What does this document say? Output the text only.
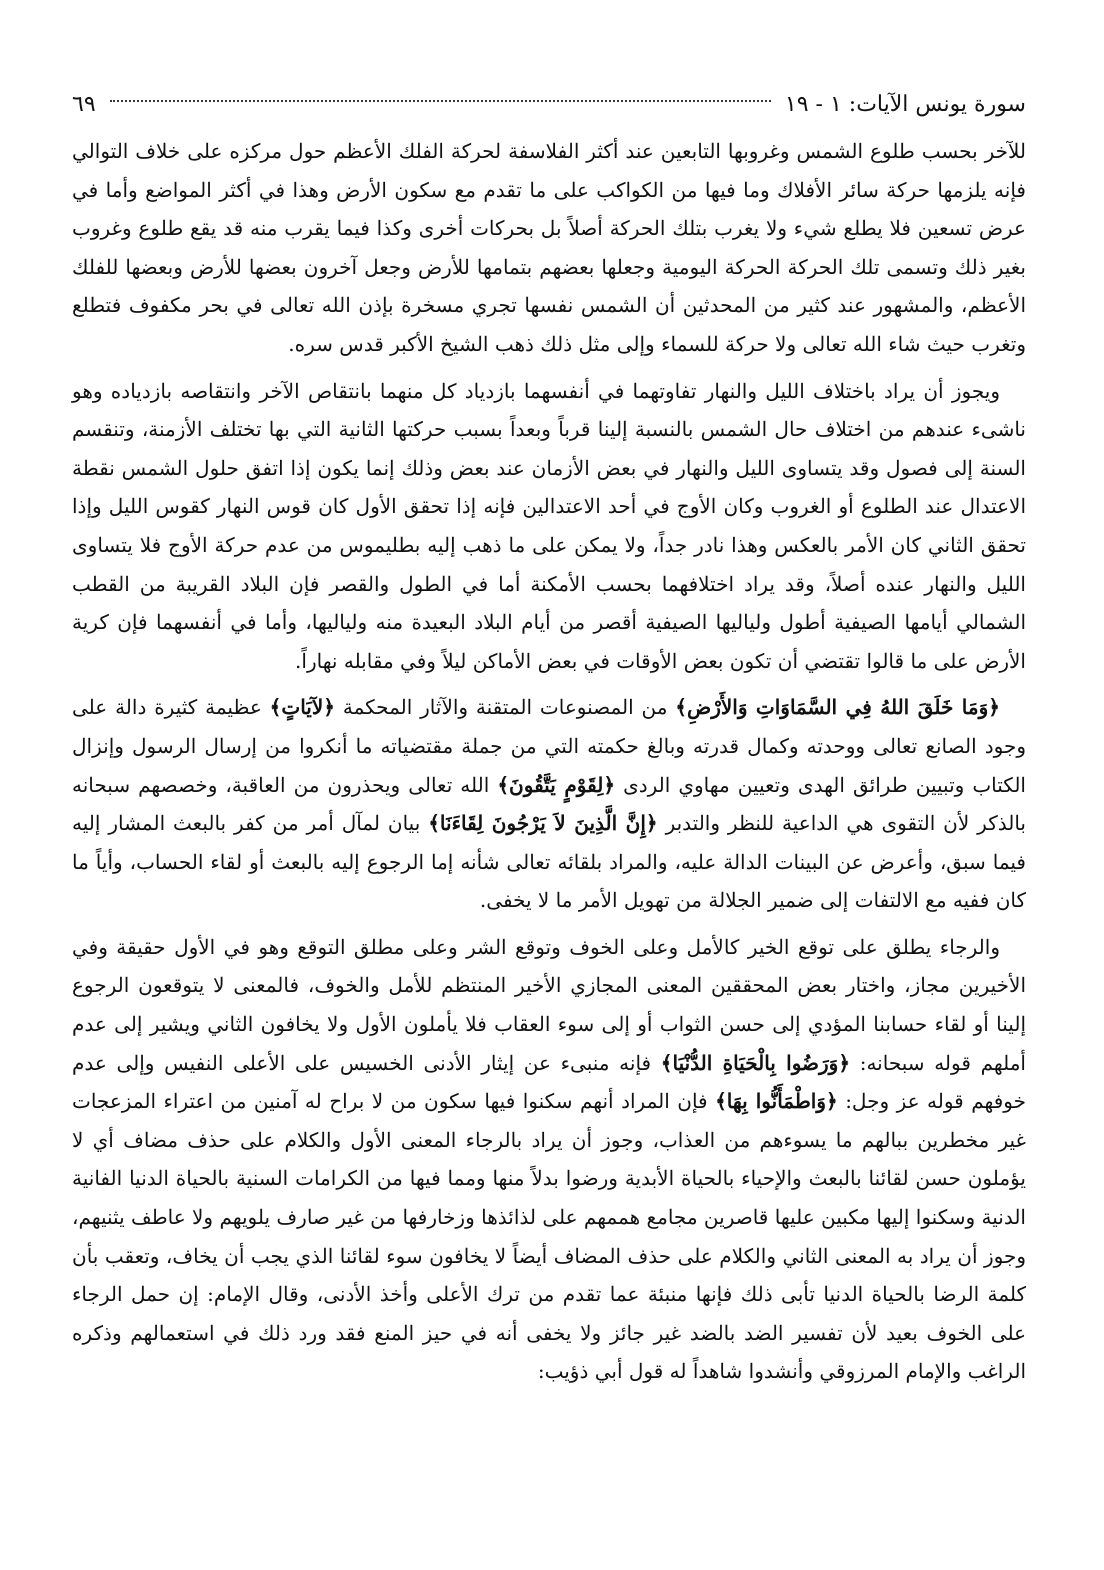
سورة يونس الآيات: ١ - ١٩
٦٩

للآخر بحسب طلوع الشمس وغروبها التابعين عند أكثر الفلاسفة لحركة الفلك الأعظم حول مركزه على خلاف التوالي فإنه يلزمها حركة سائر الأفلاك وما فيها من الكواكب على ما تقدم مع سكون الأرض وهذا في أكثر المواضع وأما في عرض تسعين فلا يطلع شيء ولا يغرب بتلك الحركة أصلاً بل بحركات أخرى وكذا فيما يقرب منه قد يقع طلوع وغروب بغير ذلك وتسمى تلك الحركة الحركة اليومية وجعلها بعضهم بتمامها للأرض وجعل آخرون بعضها للأرض وبعضها للفلك الأعظم، والمشهور عند كثير من المحدثين أن الشمس نفسها تجري مسخرة بإذن الله تعالى في بحر مكفوف فتطلع وتغرب حيث شاء الله تعالى ولا حركة للسماء وإلى مثل ذلك ذهب الشيخ الأكبر قدس سره.

ويجوز أن يراد باختلاف الليل والنهار تفاوتهما في أنفسهما بازدياد كل منهما بانتقاص الآخر وانتقاصه بازدياده وهو ناشىء عندهم من اختلاف حال الشمس بالنسبة إلينا قرباً وبعداً بسبب حركتها الثانية التي بها تختلف الأزمنة، وتنقسم السنة إلى فصول وقد يتساوى الليل والنهار في بعض الأزمان عند بعض وذلك إنما يكون إذا اتفق حلول الشمس نقطة الاعتدال عند الطلوع أو الغروب وكان الأوج في أحد الاعتدالين فإنه إذا تحقق الأول كان قوس النهار كقوس الليل وإذا تحقق الثاني كان الأمر بالعكس وهذا نادر جداً، ولا يمكن على ما ذهب إليه بطليموس من عدم حركة الأوج فلا يتساوى الليل والنهار عنده أصلاً، وقد يراد اختلافهما بحسب الأمكنة أما في الطول والقصر فإن البلاد القريبة من القطب الشمالي أيامها الصيفية أطول ولياليها الصيفية أقصر من أيام البلاد البعيدة منه ولياليها، وأما في أنفسهما فإن كرية الأرض على ما قالوا تقتضي أن تكون بعض الأوقات في بعض الأماكن ليلاً وفي مقابله نهاراً.

﴿وَمَا خَلَقَ اللهُ فِي السَّمَاوَاتِ وَالأَرْضِ﴾ من المصنوعات المتقنة والآثار المحكمة ﴿لآيَاتٍ﴾ عظيمة كثيرة دالة على وجود الصانع تعالى ووحدته وكمال قدرته وبالغ حكمته التي من جملة مقتضياته ما أنكروا من إرسال الرسول وإنزال الكتاب وتبيين طرائق الهدى وتعيين مهاوي الردى ﴿لِقَوْمٍ يَتَّقُونَ﴾ الله تعالى ويحذرون من العاقبة، وخصصهم سبحانه بالذكر لأن التقوى هي الداعية للنظر والتدبر ﴿إِنَّ الَّذِينَ لاَ يَرْجُونَ لِقَاءَنَا﴾ بيان لمآل أمر من كفر بالبعث المشار إليه فيما سبق، وأعرض عن البينات الدالة عليه، والمراد بلقائه تعالى شأنه إما الرجوع إليه بالبعث أو لقاء الحساب، وأياً ما كان ففيه مع الالتفات إلى ضمير الجلالة من تهويل الأمر ما لا يخفى.

والرجاء يطلق على توقع الخير كالأمل وعلى الخوف وتوقع الشر وعلى مطلق التوقع وهو في الأول حقيقة وفي الأخيرين مجاز، واختار بعض المحققين المعنى المجازي الأخير المنتظم للأمل والخوف، فالمعنى لا يتوقعون الرجوع إلينا أو لقاء حسابنا المؤدي إلى حسن الثواب أو إلى سوء العقاب فلا يأملون الأول ولا يخافون الثاني ويشير إلى عدم أملهم قوله سبحانه: ﴿وَرَضُوا بِالْحَيَاةِ الدُّنْيَا﴾ فإنه منبىء عن إيثار الأدنى الخسيس على الأعلى النفيس وإلى عدم خوفهم قوله عز وجل: ﴿وَاطْمَأَنُّوا بِهَا﴾ فإن المراد أنهم سكنوا فيها سكون من لا براح له آمنين من اعتراء المزعجات غير مخطرين ببالهم ما يسوءهم من العذاب، وجوز أن يراد بالرجاء المعنى الأول والكلام على حذف مضاف أي لا يؤملون حسن لقائنا بالبعث والإحياء بالحياة الأبدية ورضوا بدلاً منها ومما فيها من الكرامات السنية بالحياة الدنيا الفانية الدنية وسكنوا إليها مكبين عليها قاصرين مجامع هممهم على لذائذها وزخارفها من غير صارف يلويهم ولا عاطف يثنيهم، وجوز أن يراد به المعنى الثاني والكلام على حذف المضاف أيضاً لا يخافون سوء لقائنا الذي يجب أن يخاف، وتعقب بأن كلمة الرضا بالحياة الدنيا تأبى ذلك فإنها منبئة عما تقدم من ترك الأعلى وأخذ الأدنى، وقال الإمام: إن حمل الرجاء على الخوف بعيد لأن تفسير الضد بالضد غير جائز ولا يخفى أنه في حيز المنع فقد ورد ذلك في استعمالهم وذكره الراغب والإمام المرزوقي وأنشدوا شاهداً له قول أبي ذؤيب:
